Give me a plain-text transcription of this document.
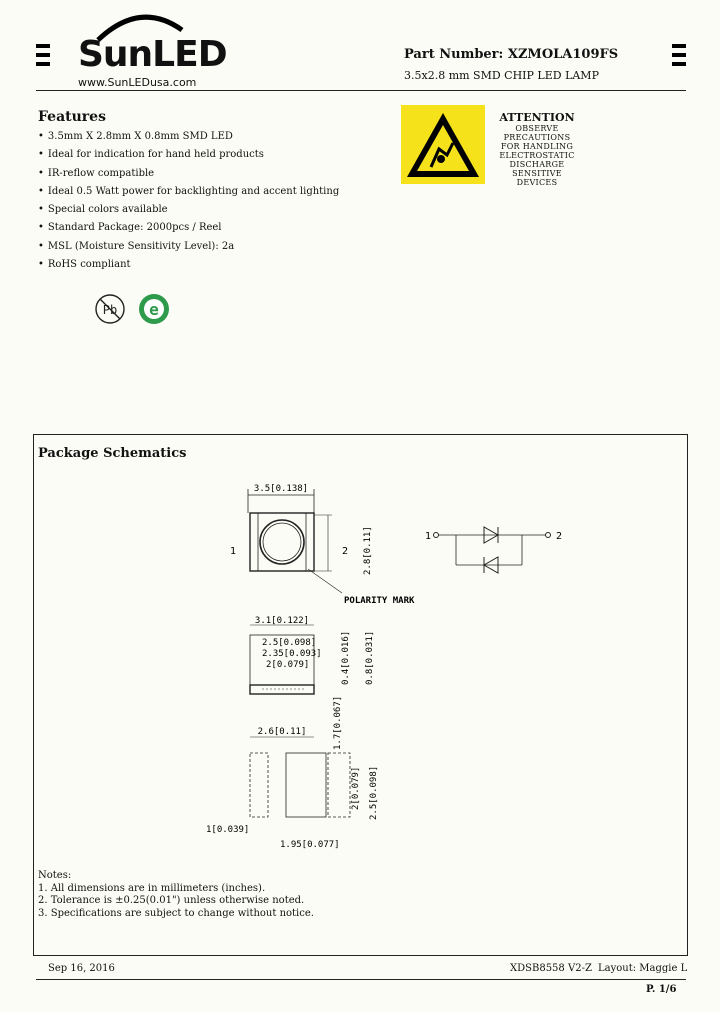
SunLED
www.SunLEDusa.com
Part Number: XZMOLA109FS
3.5x2.8 mm SMD CHIP LED LAMP
Features
• 3.5mm X 2.8mm X 0.8mm SMD LED
• Ideal for indication for hand held products
• IR-reflow compatible
• Ideal 0.5 Watt power for backlighting and accent lighting
• Special colors available
• Standard Package: 2000pcs / Reel
• MSL (Moisture Sensitivity Level): 2a
• RoHS compliant
Pb e
ATTENTION
OBSERVE PRECAUTIONS
FOR HANDLING
ELECTROSTATIC
DISCHARGE
SENSITIVE
DEVICES
Package Schematics
3.5[0.138]
1	2 2.8[0.11]
POLARITY MARK
3.1[0.122]
2.5[0.098]
2.35[0.093]
2[0.079]	0.4[0.016] 0.8[0.031]
2.6[0.11]	1.7[0.067]
2[0.079] 2.5[0.098]
1[0.039]
1.95[0.077]
1	2
Notes:
1. All dimensions are in millimeters (inches).
2. Tolerance is ±0.25(0.01") unless otherwise noted.
3. Specifications are subject to change without notice.
Sep 16, 2016	XDSB8558 V2-Z Layout: Maggie L
P. 1/6
